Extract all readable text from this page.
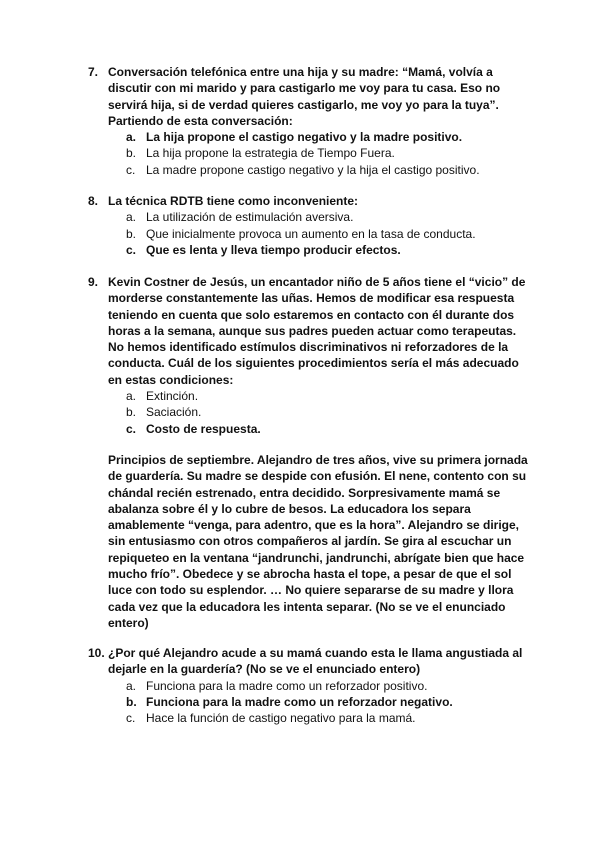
7. Conversación telefónica entre una hija y su madre: “Mamá, volvía a discutir con mi marido y para castigarlo me voy para tu casa. Eso no servirá hija, si de verdad quieres castigarlo, me voy yo para la tuya”. Partiendo de esta conversación:
a. La hija propone el castigo negativo y la madre positivo.
b. La hija propone la estrategia de Tiempo Fuera.
c. La madre propone castigo negativo y la hija el castigo positivo.
8. La técnica RDTB tiene como inconveniente:
a. La utilización de estimulación aversiva.
b. Que inicialmente provoca un aumento en la tasa de conducta.
c. Que es lenta y lleva tiempo producir efectos.
9. Kevin Costner de Jesús, un encantador niño de 5 años tiene el “vicio” de morderse constantemente las uñas. Hemos de modificar esa respuesta teniendo en cuenta que solo estaremos en contacto con él durante dos horas a la semana, aunque sus padres pueden actuar como terapeutas. No hemos identificado estímulos discriminativos ni reforzadores de la conducta. Cuál de los siguientes procedimientos sería el más adecuado en estas condiciones:
a. Extinción.
b. Saciación.
c. Costo de respuesta.
Principios de septiembre. Alejandro de tres años, vive su primera jornada de guardería. Su madre se despide con efusión. El nene, contento con su chándal recién estrenado, entra decidido. Sorpresivamente mamá se abalanza sobre él y lo cubre de besos. La educadora los separa amablemente “venga, para adentro, que es la hora”. Alejandro se dirige, sin entusiasmo con otros compañeros al jardín. Se gira al escuchar un repiqueteo en la ventana “jandrunchi, jandrunchi, abrígate bien que hace mucho frío”. Obedece y se abrocha hasta el tope, a pesar de que el sol luce con todo su esplendor. … No quiere separarse de su madre y llora cada vez que la educadora les intenta separar. (No se ve el enunciado entero)
10. ¿Por qué Alejandro acude a su mamá cuando esta le llama angustiada al dejarle en la guardería? (No se ve el enunciado entero)
a. Funciona para la madre como un reforzador positivo.
b. Funciona para la madre como un reforzador negativo.
c. Hace la función de castigo negativo para la mamá.
